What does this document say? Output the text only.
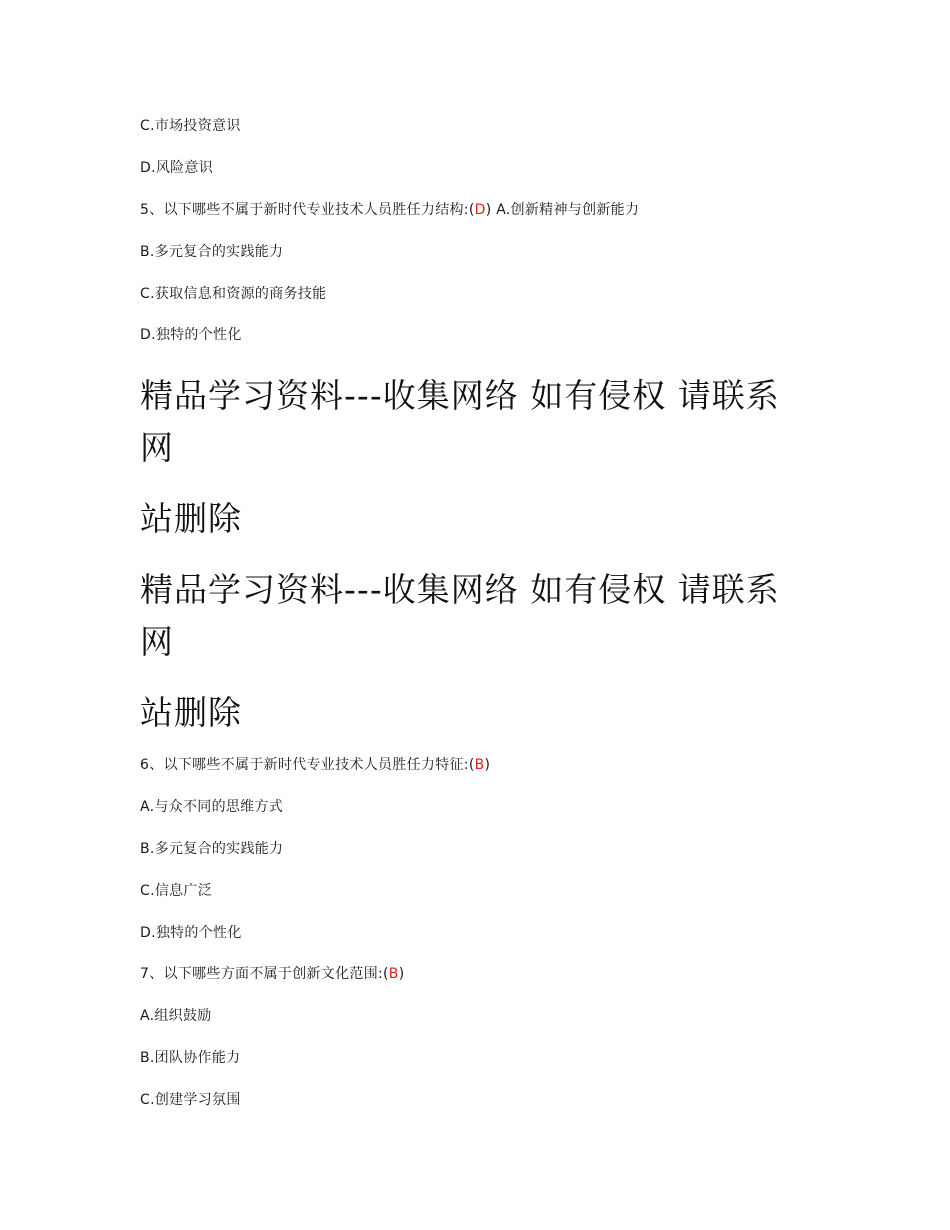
C.市场投资意识

D.风险意识

5、以下哪些不属于新时代专业技术人员胜任力结构:(D) A.创新精神与创新能力

B.多元复合的实践能力

C.获取信息和资源的商务技能

D.独特的个性化

精品学习资料---收集网络 如有侵权 请联系

网

站删除

精品学习资料---收集网络 如有侵权 请联系

网

站删除

6、以下哪些不属于新时代专业技术人员胜任力特征:(B)

A.与众不同的思维方式

B.多元复合的实践能力

C.信息广泛

D.独特的个性化

7、以下哪些方面不属于创新文化范围:(B)

A.组织鼓励

B.团队协作能力

C.创建学习氛围
